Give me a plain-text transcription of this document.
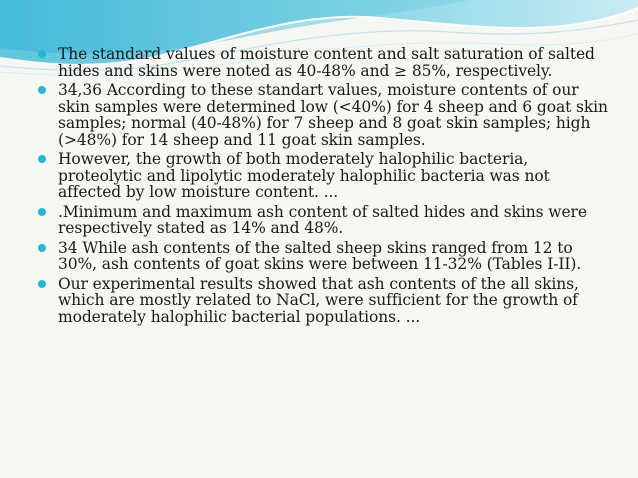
The standard values of moisture content and salt saturation of salted hides and skins were noted as 40-48% and ≥ 85%, respectively.
34,36 According to these standart values, moisture contents of our skin samples were determined low (<40%) for 4 sheep and 6 goat skin samples; normal (40-48%) for 7 sheep and 8 goat skin samples; high (>48%) for 14 sheep and 11 goat skin samples.
However, the growth of both moderately halophilic bacteria, proteolytic and lipolytic moderately halophilic bacteria was not affected by low moisture content. ...
.Minimum and maximum ash content of salted hides and skins were respectively stated as 14% and 48%.
34 While ash contents of the salted sheep skins ranged from 12 to 30%, ash contents of goat skins were between 11-32% (Tables I-II).
Our experimental results showed that ash contents of the all skins, which are mostly related to NaCl, were sufficient for the growth of moderately halophilic bacterial populations. ...
